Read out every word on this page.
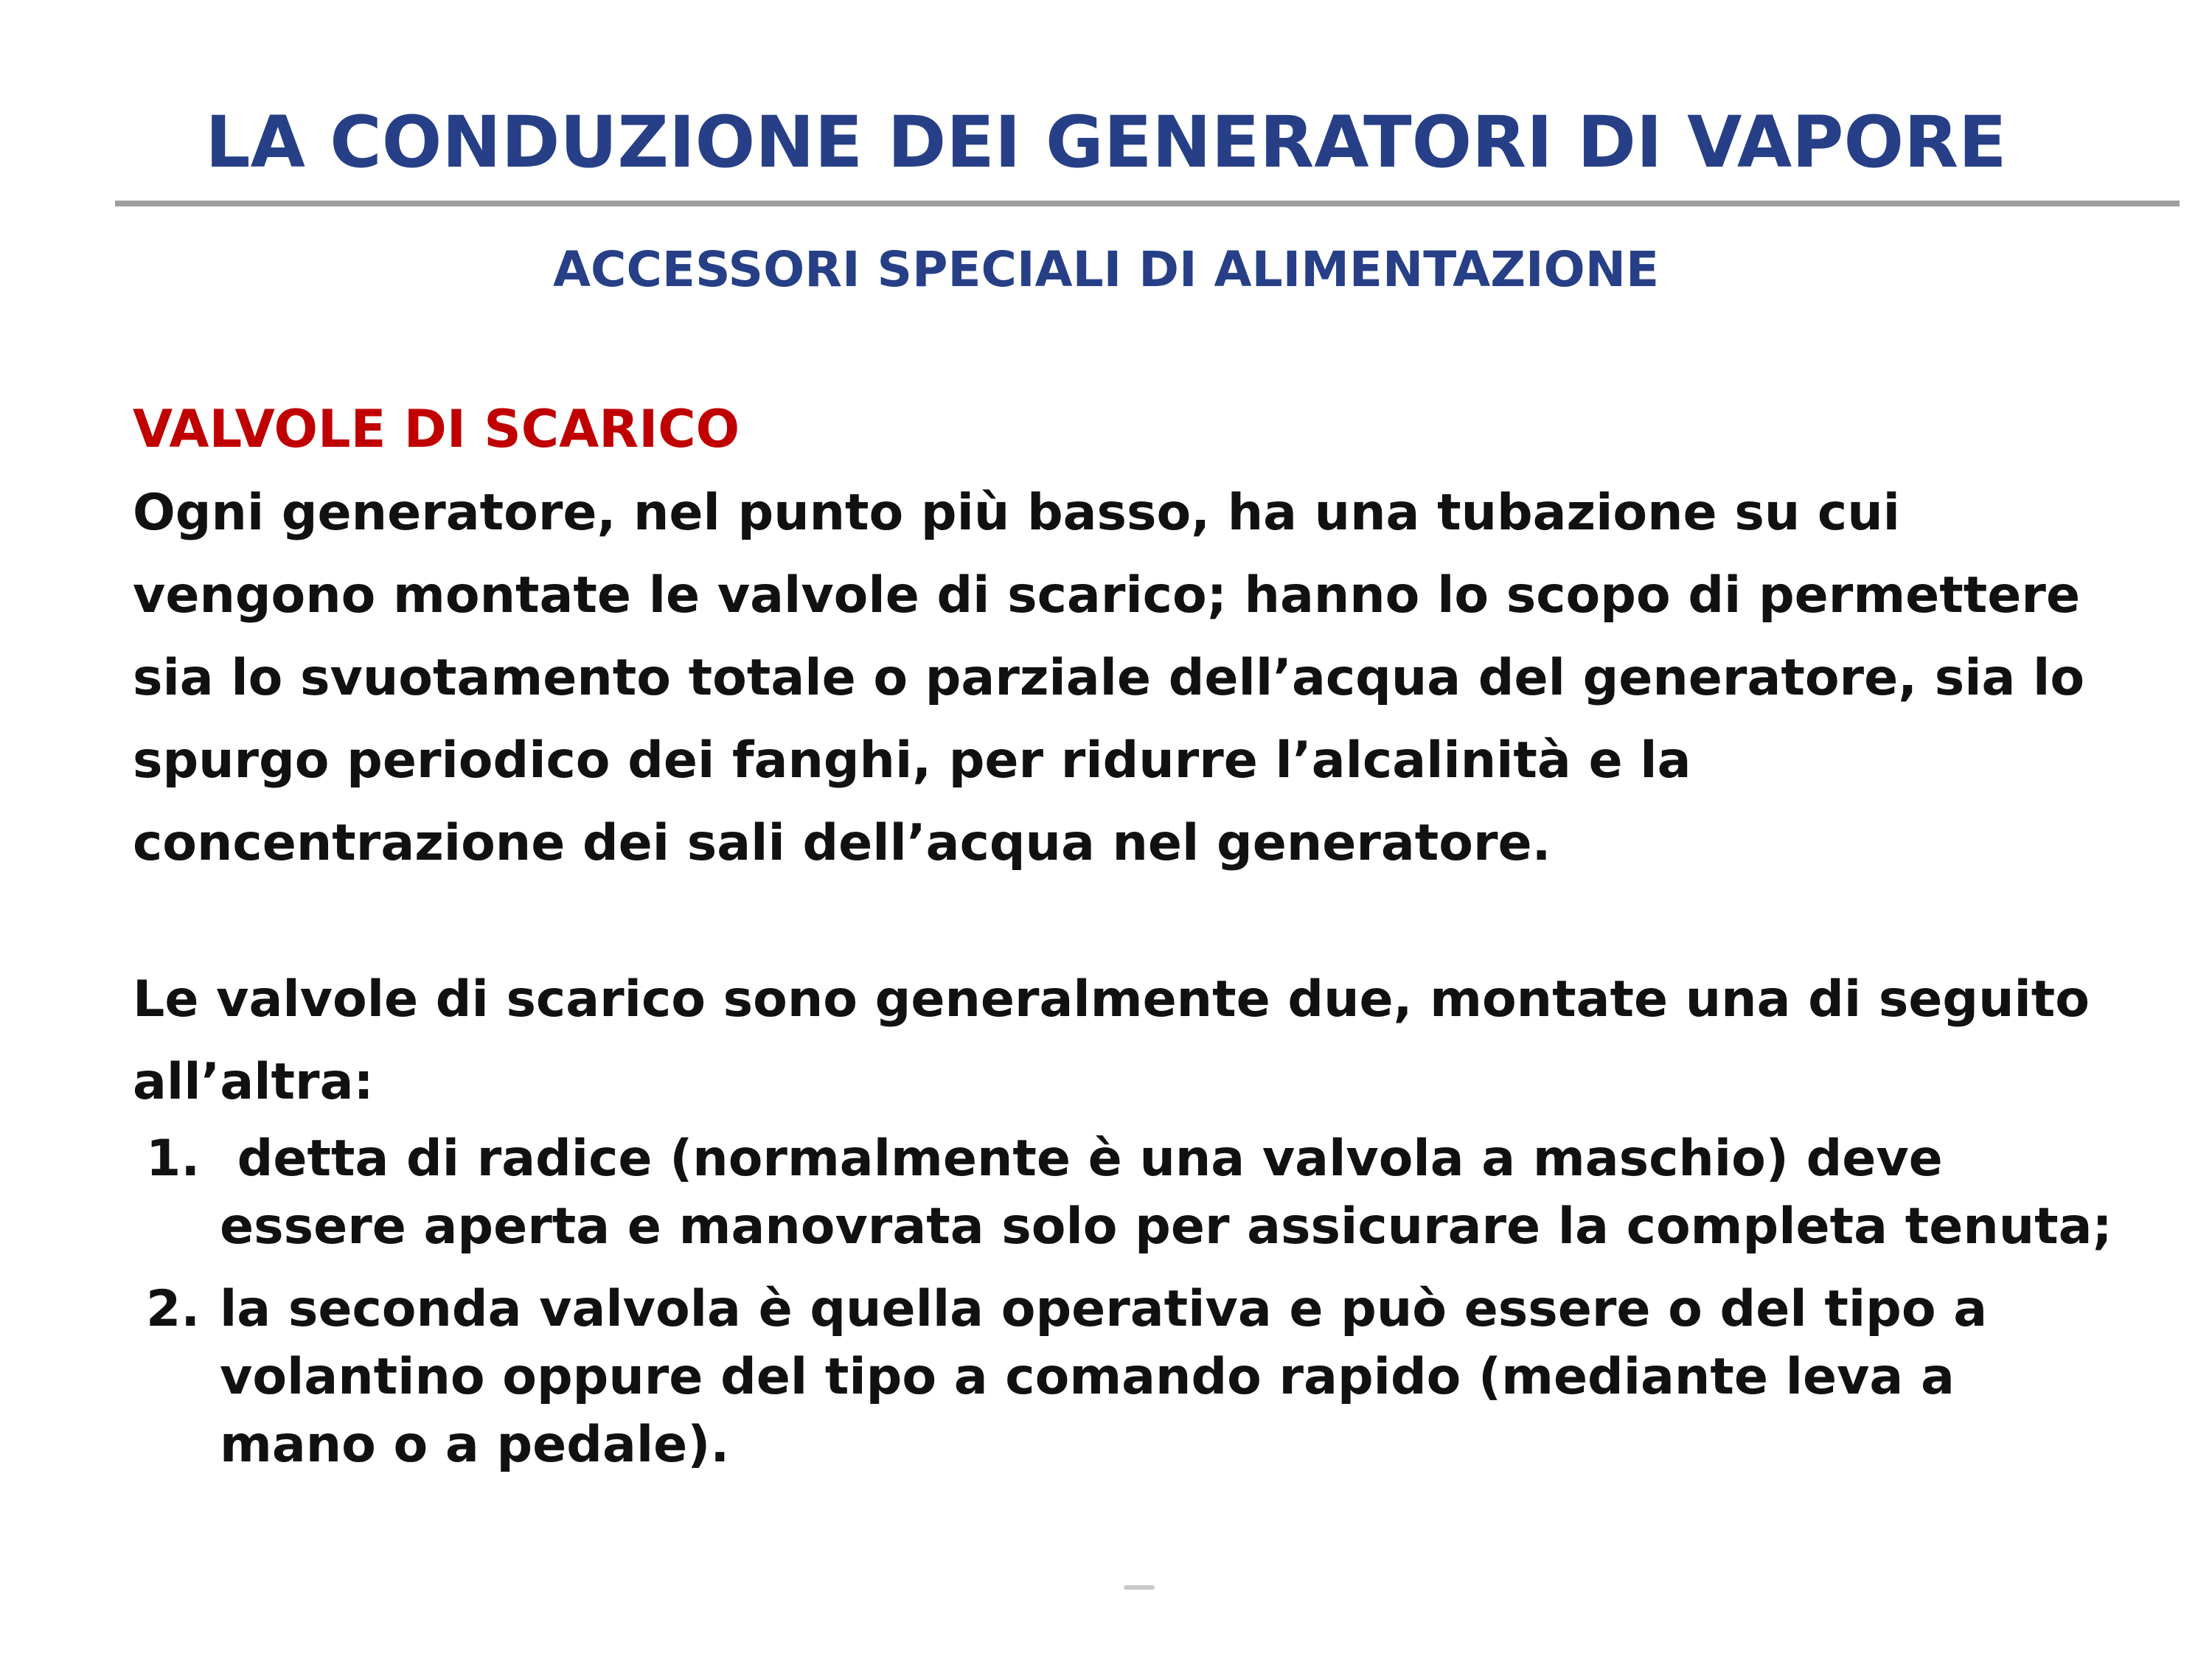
LA CONDUZIONE DEI GENERATORI DI VAPORE
ACCESSORI SPECIALI DI ALIMENTAZIONE
VALVOLE DI SCARICO
Ogni generatore, nel punto più basso, ha una tubazione su cui
vengono montate le valvole di scarico; hanno lo scopo di permettere
sia lo svuotamento totale o parziale dell’acqua del generatore, sia lo
spurgo periodico dei fanghi, per ridurre l’alcalinità e la
concentrazione dei sali dell’acqua nel generatore.
Le valvole di scarico sono generalmente due, montate una di seguito
all’altra:
1. detta di radice (normalmente è una valvola a maschio) deve
essere aperta e manovrata solo per assicurare la completa tenuta;
2. la seconda valvola è quella operativa e può essere o del tipo a
volantino oppure del tipo a comando rapido (mediante leva a
mano o a pedale).
